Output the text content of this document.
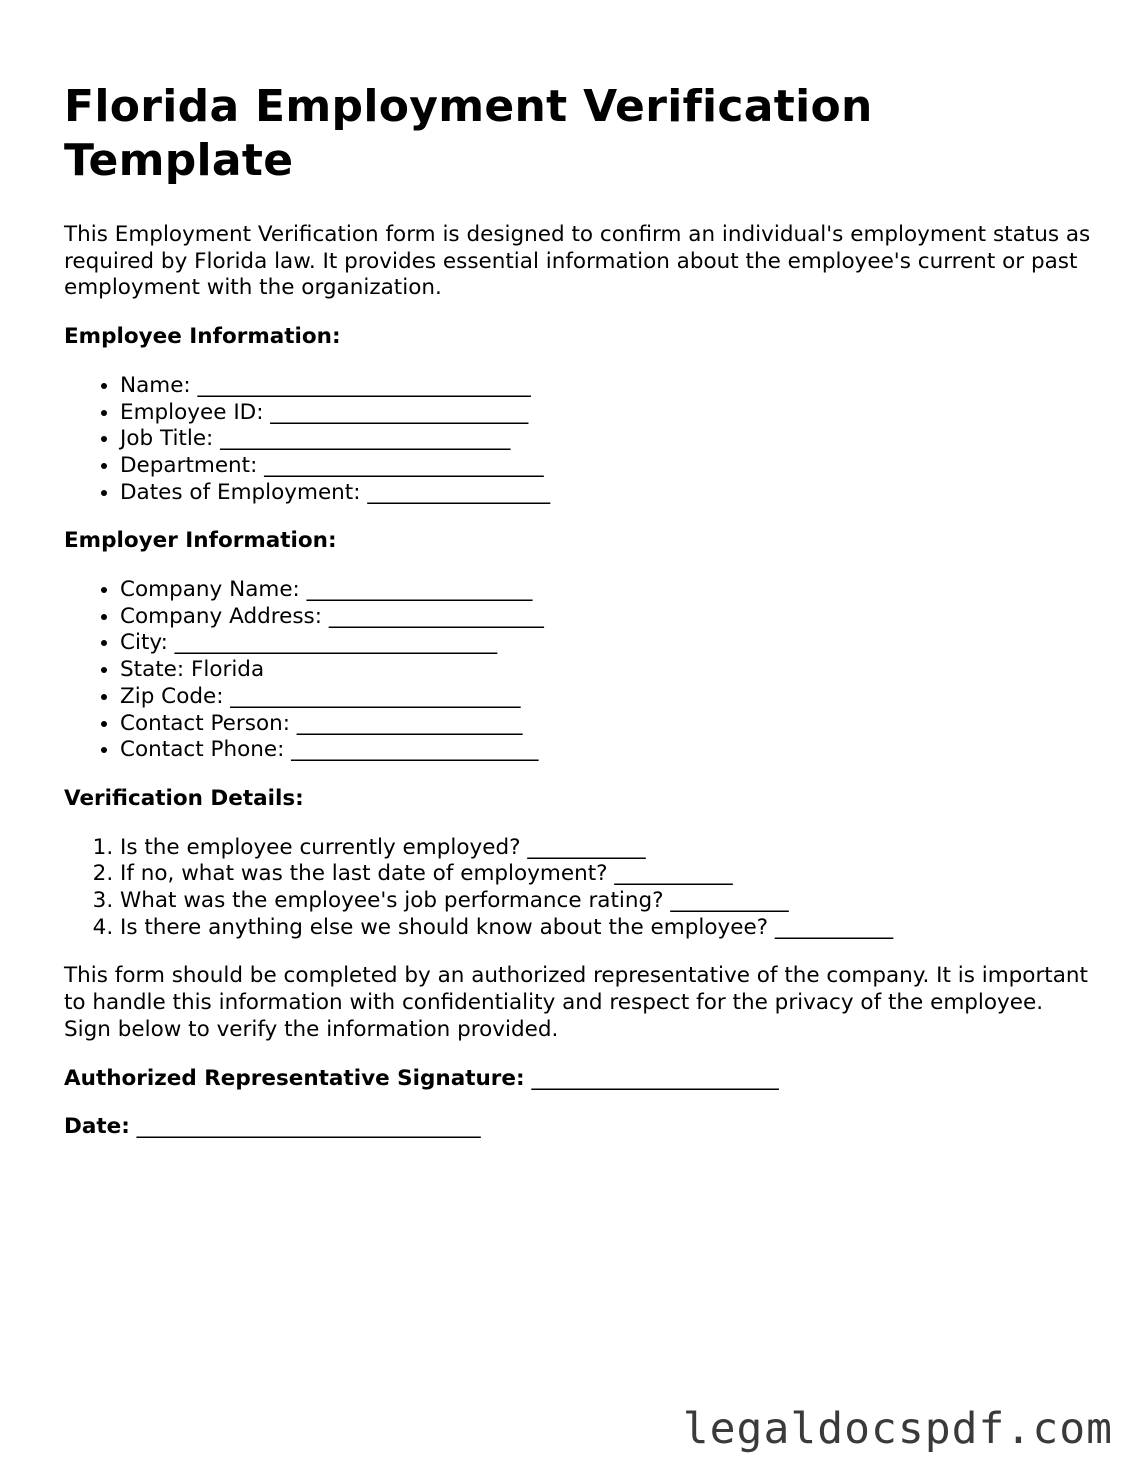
Florida Employment Verification Template

This Employment Verification form is designed to confirm an individual's employment status as required by Florida law. It provides essential information about the employee's current or past employment with the organization.

Employee Information:
• Name: _______________________________
• Employee ID: ________________________
• Job Title: ___________________________
• Department: __________________________
• Dates of Employment: _________________
Employer Information:
• Company Name: _____________________
• Company Address: ____________________
• City: ______________________________
• State: Florida
• Zip Code: ___________________________
• Contact Person: _____________________
• Contact Phone: _______________________
Verification Details:
1. Is the employee currently employed? ___________
2. If no, what was the last date of employment? ___________
3. What was the employee's job performance rating? ___________
4. Is there anything else we should know about the employee? ___________

This form should be completed by an authorized representative of the company. It is important to handle this information with confidentiality and respect for the privacy of the employee. Sign below to verify the information provided.

Authorized Representative Signature: _______________________
Date: ________________________________
legaldocspdf.com
